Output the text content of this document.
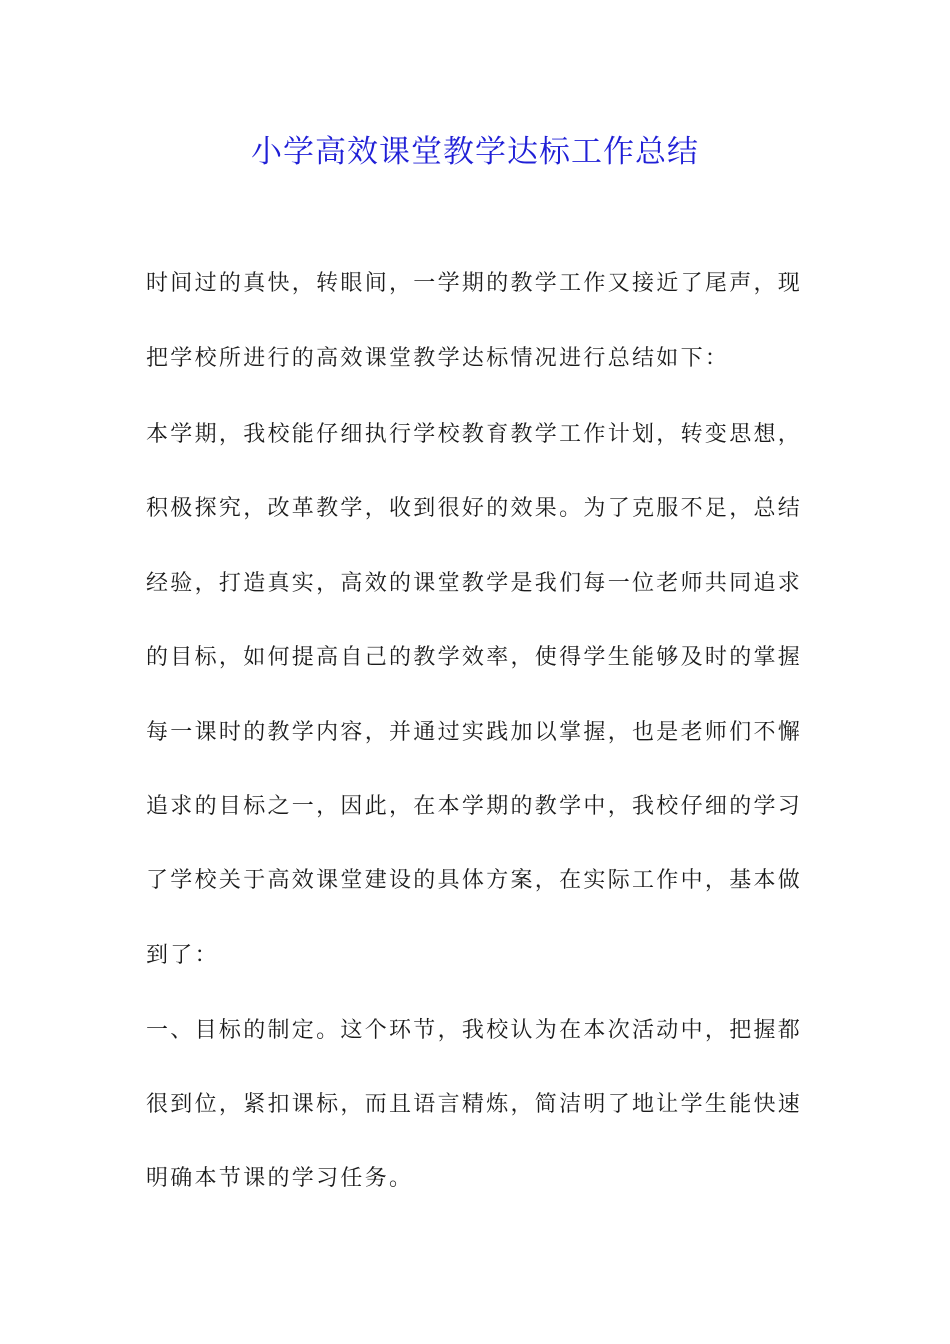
小学高效课堂教学达标工作总结
时间过的真快，转眼间，一学期的教学工作又接近了尾声，现
把学校所进行的高效课堂教学达标情况进行总结如下：
本学期，我校能仔细执行学校教育教学工作计划，转变思想，
积极探究，改革教学，收到很好的效果。为了克服不足，总结
经验，打造真实，高效的课堂教学是我们每一位老师共同追求
的目标，如何提高自己的教学效率，使得学生能够及时的掌握
每一课时的教学内容，并通过实践加以掌握，也是老师们不懈
追求的目标之一，因此，在本学期的教学中，我校仔细的学习
了学校关于高效课堂建设的具体方案，在实际工作中，基本做
到了：
一、目标的制定。这个环节，我校认为在本次活动中，把握都
很到位，紧扣课标，而且语言精炼，简洁明了地让学生能快速
明确本节课的学习任务。
